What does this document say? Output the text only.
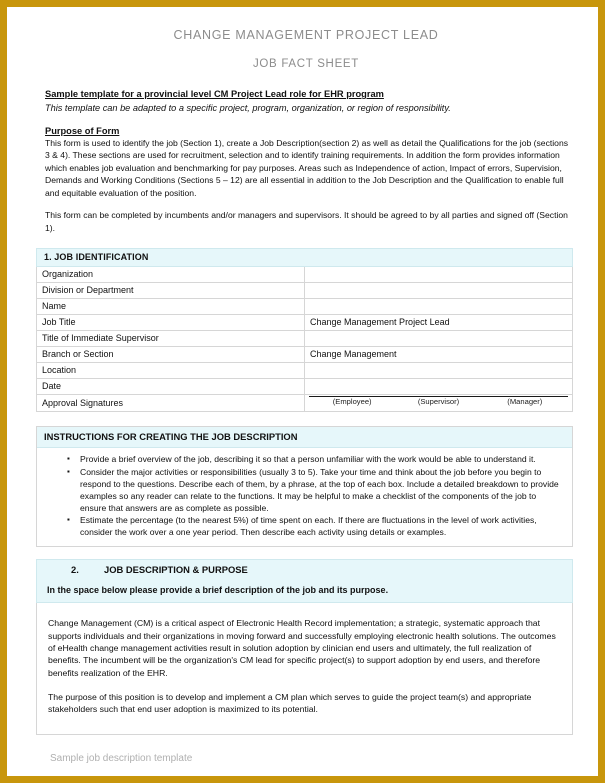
CHANGE MANAGEMENT PROJECT LEAD
JOB FACT SHEET
Sample template for a provincial level CM Project Lead role for EHR program
This template can be adapted to a specific project, program, organization, or region of responsibility.
Purpose of Form
This form is used to identify the job (Section 1), create a Job Description(section 2) as well as detail the Qualifications for the job (sections 3 & 4). These sections are used for recruitment, selection and to identify training requirements. In addition the form provides information which enables job evaluation and benchmarking for pay purposes. Areas such as Independence of action, Impact of errors, Supervision, Demands and Working Conditions (Sections 5 – 12) are all essential in addition to the Job Description and the Qualification to enable full and equitable evaluation of the position.
This form can be completed by incumbents and/or managers and supervisors. It should be agreed to by all parties and signed off (Section 1).
1. JOB IDENTIFICATION	
Organization	
Division or Department	
Name	
Job Title	Change Management Project Lead
Title of Immediate Supervisor	
Branch or Section	Change Management
Location	
Date	
Approval Signatures	(Employee) (Supervisor) (Manager)
INSTRUCTIONS FOR CREATING THE JOB DESCRIPTION
▪ Provide a brief overview of the job, describing it so that a person unfamiliar with the work would be able to understand it.
▪ Consider the major activities or responsibilities (usually 3 to 5). Take your time and think about the job before you begin to respond to the questions. Describe each of them, by a phrase, at the top of each box. Include a detailed breakdown to provide examples so any reader can relate to the functions. It may be helpful to make a checklist of the components of the job to ensure that answers are as complete as possible.
▪ Estimate the percentage (to the nearest 5%) of time spent on each. If there are fluctuations in the level of work activities, consider the work over a one year period. Then describe each activity using details or examples.
2.	JOB DESCRIPTION & PURPOSE
In the space below please provide a brief description of the job and its purpose.
Change Management (CM) is a critical aspect of Electronic Health Record implementation; a strategic, systematic approach that supports individuals and their organizations in moving forward and successfully employing electronic health solutions. The outcomes of eHealth change management activities result in solution adoption by clinician end users and ultimately, the full realization of benefits. The incumbent will be the organization's CM lead for specific project(s) to support adoption by end users, and therefore benefits realization of the EHR.
The purpose of this position is to develop and implement a CM plan which serves to guide the project team(s) and appropriate stakeholders such that end user adoption is maximized to its potential.
Sample job description template
